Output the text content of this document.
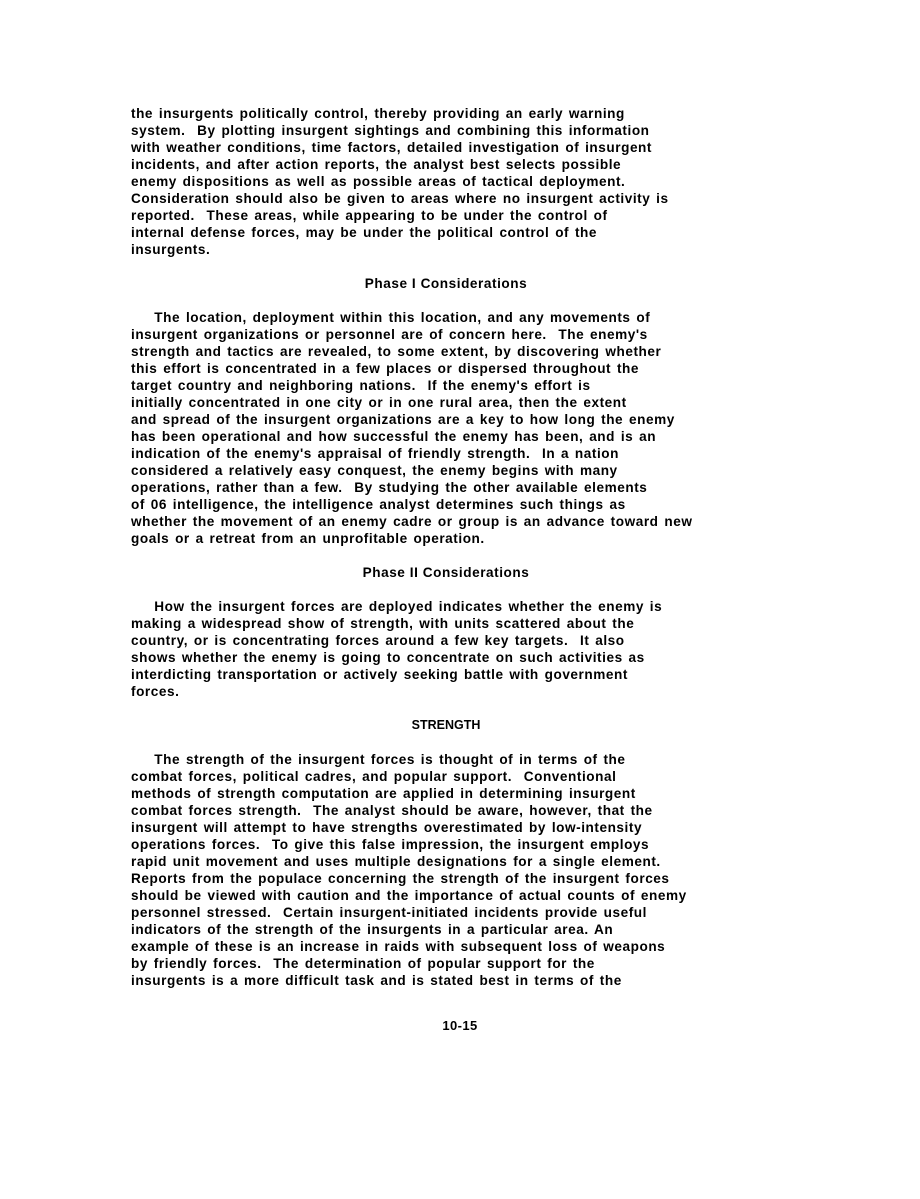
the insurgents politically control, thereby providing an early warning
system.  By plotting insurgent sightings and combining this information
with weather conditions, time factors, detailed investigation of insurgent
incidents, and after action reports, the analyst best selects possible
enemy dispositions as well as possible areas of tactical deployment.
Consideration should also be given to areas where no insurgent activity is
reported.  These areas, while appearing to be under the control of
internal defense forces, may be under the political control of the
insurgents.
Phase I Considerations
The location, deployment within this location, and any movements of
insurgent organizations or personnel are of concern here.  The enemy's
strength and tactics are revealed, to some extent, by discovering whether
this effort is concentrated in a few places or dispersed throughout the
target country and neighboring nations.  If the enemy's effort is
initially concentrated in one city or in one rural area, then the extent
and spread of the insurgent organizations are a key to how long the enemy
has been operational and how successful the enemy has been, and is an
indication of the enemy's appraisal of friendly strength.  In a nation
considered a relatively easy conquest, the enemy begins with many
operations, rather than a few.  By studying the other available elements
of 06 intelligence, the intelligence analyst determines such things as
whether the movement of an enemy cadre or group is an advance toward new
goals or a retreat from an unprofitable operation.
Phase II Considerations
How the insurgent forces are deployed indicates whether the enemy is
making a widespread show of strength, with units scattered about the
country, or is concentrating forces around a few key targets.  It also
shows whether the enemy is going to concentrate on such activities as
interdicting transportation or actively seeking battle with government
forces.
STRENGTH
The strength of the insurgent forces is thought of in terms of the
combat forces, political cadres, and popular support.  Conventional
methods of strength computation are applied in determining insurgent
combat forces strength.  The analyst should be aware, however, that the
insurgent will attempt to have strengths overestimated by low-intensity
operations forces.  To give this false impression, the insurgent employs
rapid unit movement and uses multiple designations for a single element.
Reports from the populace concerning the strength of the insurgent forces
should be viewed with caution and the importance of actual counts of enemy
personnel stressed.  Certain insurgent-initiated incidents provide useful
indicators of the strength of the insurgents in a particular area. An
example of these is an increase in raids with subsequent loss of weapons
by friendly forces.  The determination of popular support for the
insurgents is a more difficult task and is stated best in terms of the
10-15
